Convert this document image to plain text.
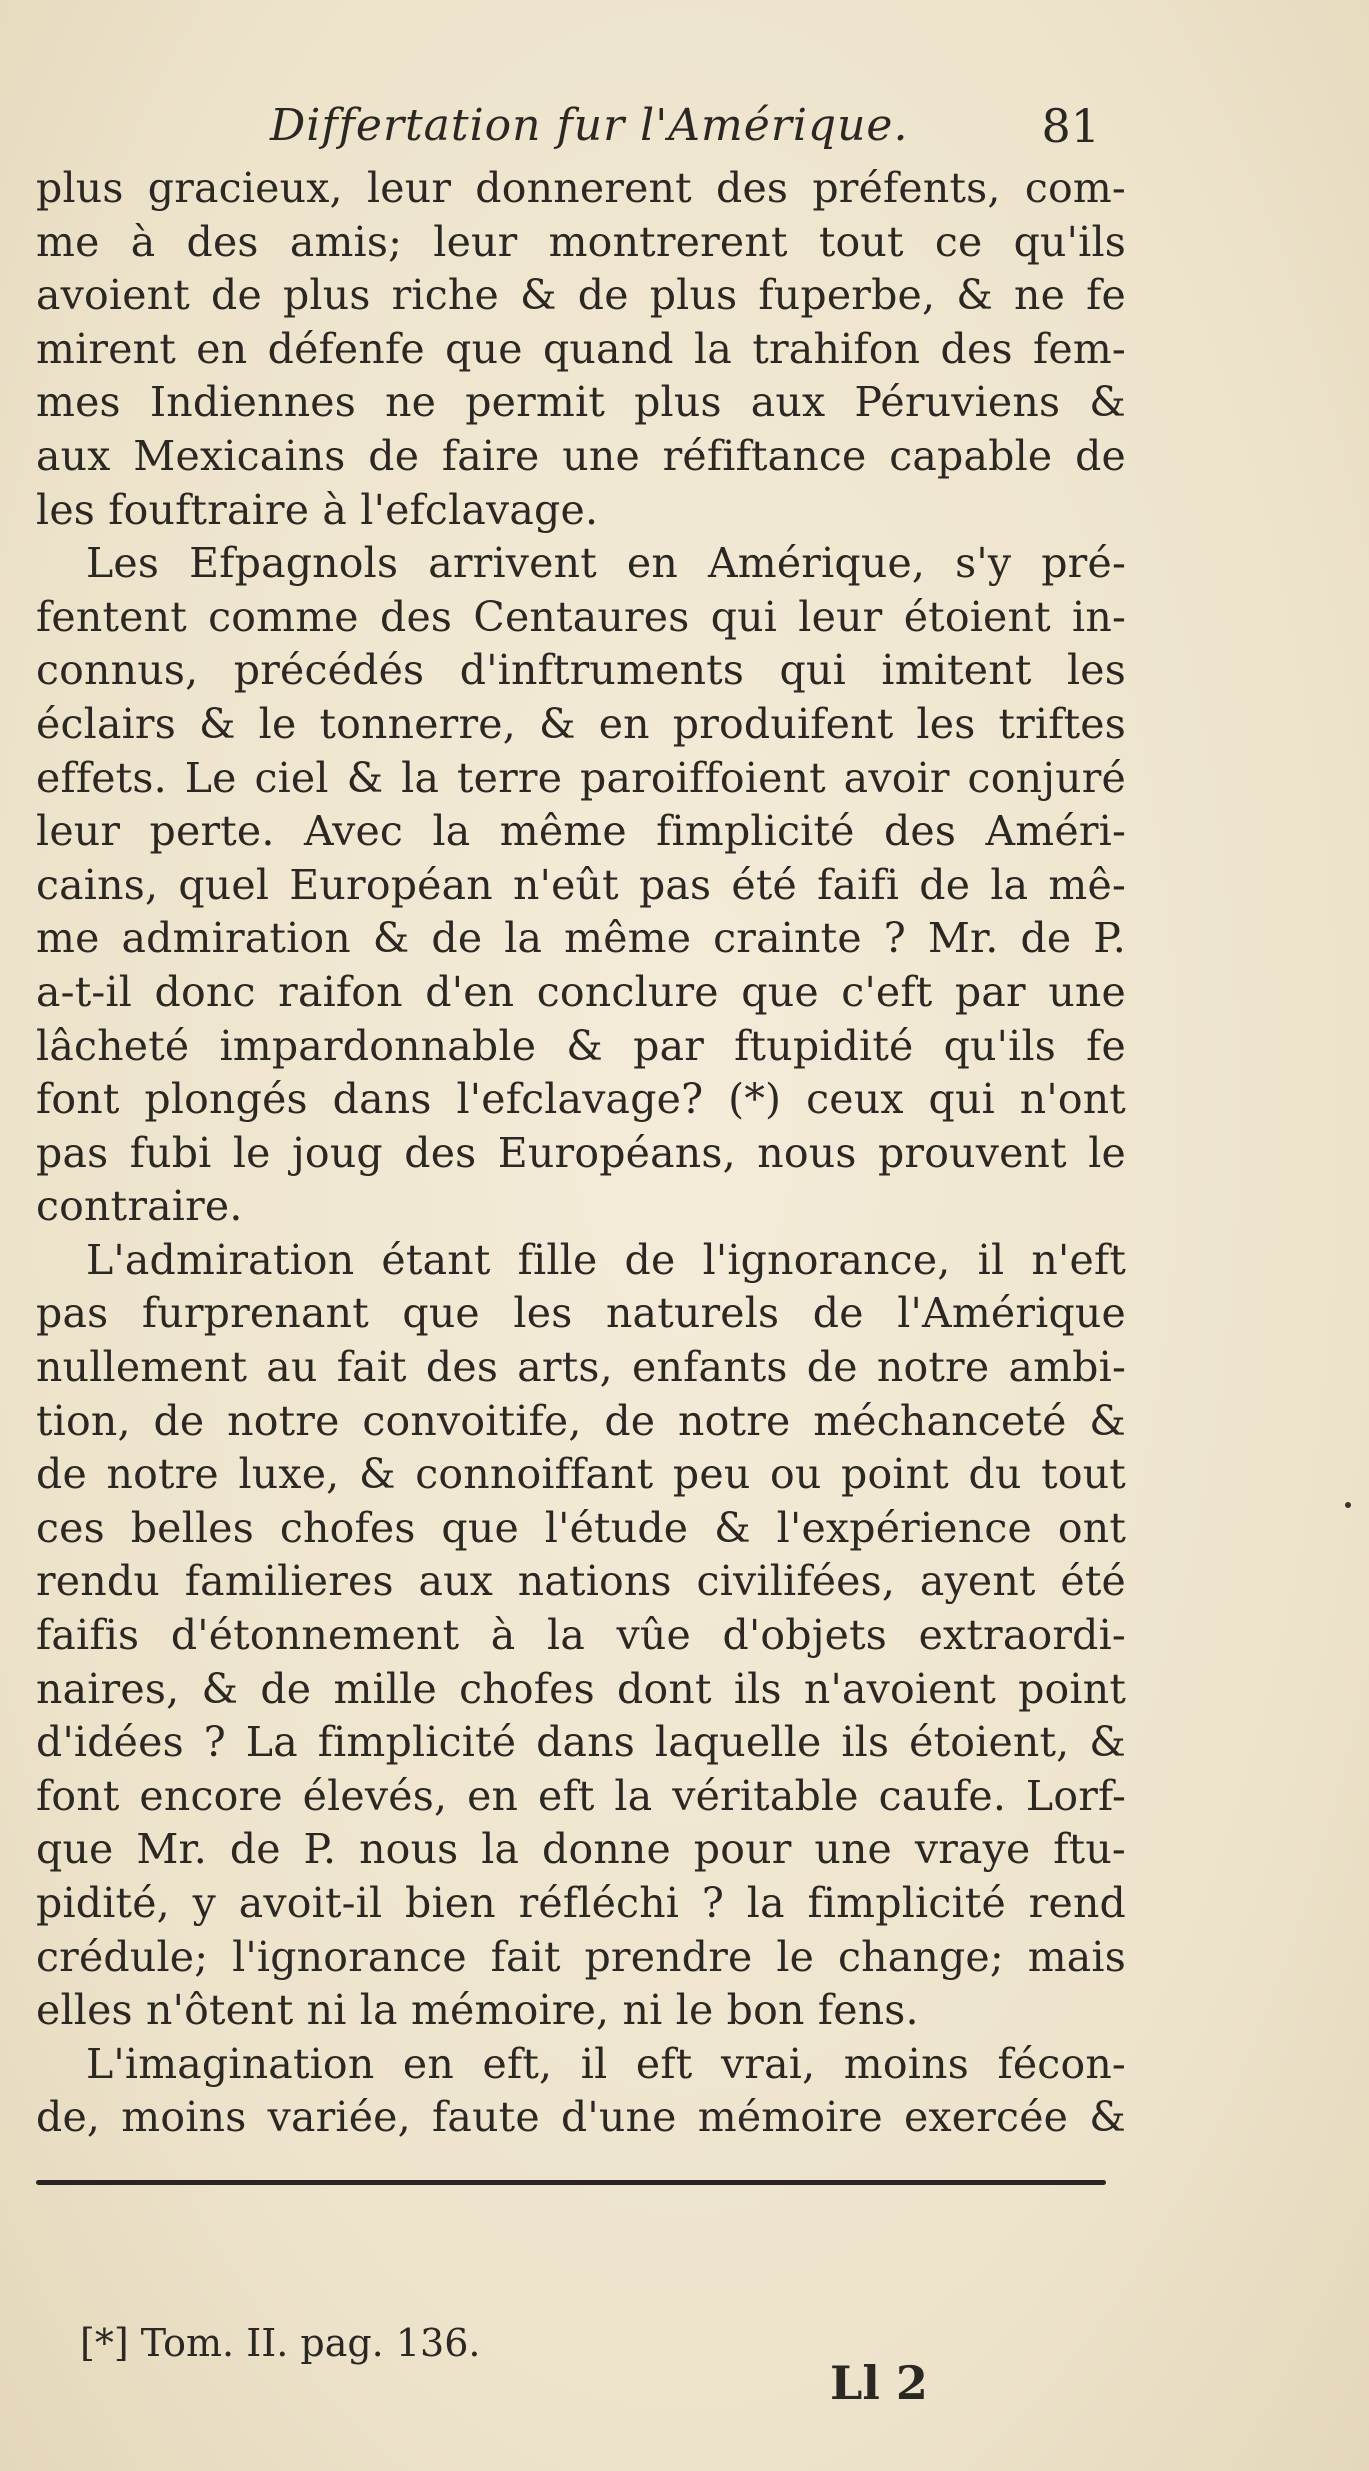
Differtation fur l'Amérique.	81
plus gracieux, leur donnerent des préfents, com-
me à des amis; leur montrerent tout ce qu'ils
avoient de plus riche & de plus fuperbe, & ne fe
mirent en défenfe que quand la trahifon des fem-
mes Indiennes ne permit plus aux Péruviens &
aux Mexicains de faire une réfiftance capable de
les fouftraire à l'efclavage.
Les Efpagnols arrivent en Amérique, s'y pré-
fentent comme des Centaures qui leur étoient in-
connus, précédés d'inftruments qui imitent les
éclairs & le tonnerre, & en produifent les triftes
effets. Le ciel & la terre paroiffoient avoir conjuré
leur perte. Avec la même fimplicité des Améri-
cains, quel Européan n'eût pas été faifi de la mê-
me admiration & de la même crainte ? Mr. de P.
a-t-il donc raifon d'en conclure que c'eft par une
lâcheté impardonnable & par ftupidité qu'ils fe
font plongés dans l'efclavage? (*) ceux qui n'ont
pas fubi le joug des Européans, nous prouvent le
contraire.
L'admiration étant fille de l'ignorance, il n'eft
pas furprenant que les naturels de l'Amérique
nullement au fait des arts, enfants de notre ambi-
tion, de notre convoitife, de notre méchanceté &
de notre luxe, & connoiffant peu ou point du tout
ces belles chofes que l'étude & l'expérience ont
rendu familieres aux nations civilifées, ayent été
faifis d'étonnement à la vûe d'objets extraordi-
naires, & de mille chofes dont ils n'avoient point
d'idées ? La fimplicité dans laquelle ils étoient, &
font encore élevés, en eft la véritable caufe. Lorf-
que Mr. de P. nous la donne pour une vraye ftu-
pidité, y avoit-il bien réfléchi ? la fimplicité rend
crédule; l'ignorance fait prendre le change; mais
elles n'ôtent ni la mémoire, ni le bon fens.
L'imagination en eft, il eft vrai, moins fécon-
de, moins variée, faute d'une mémoire exercée &
[*] Tom. II. pag. 136.
Ll 2
